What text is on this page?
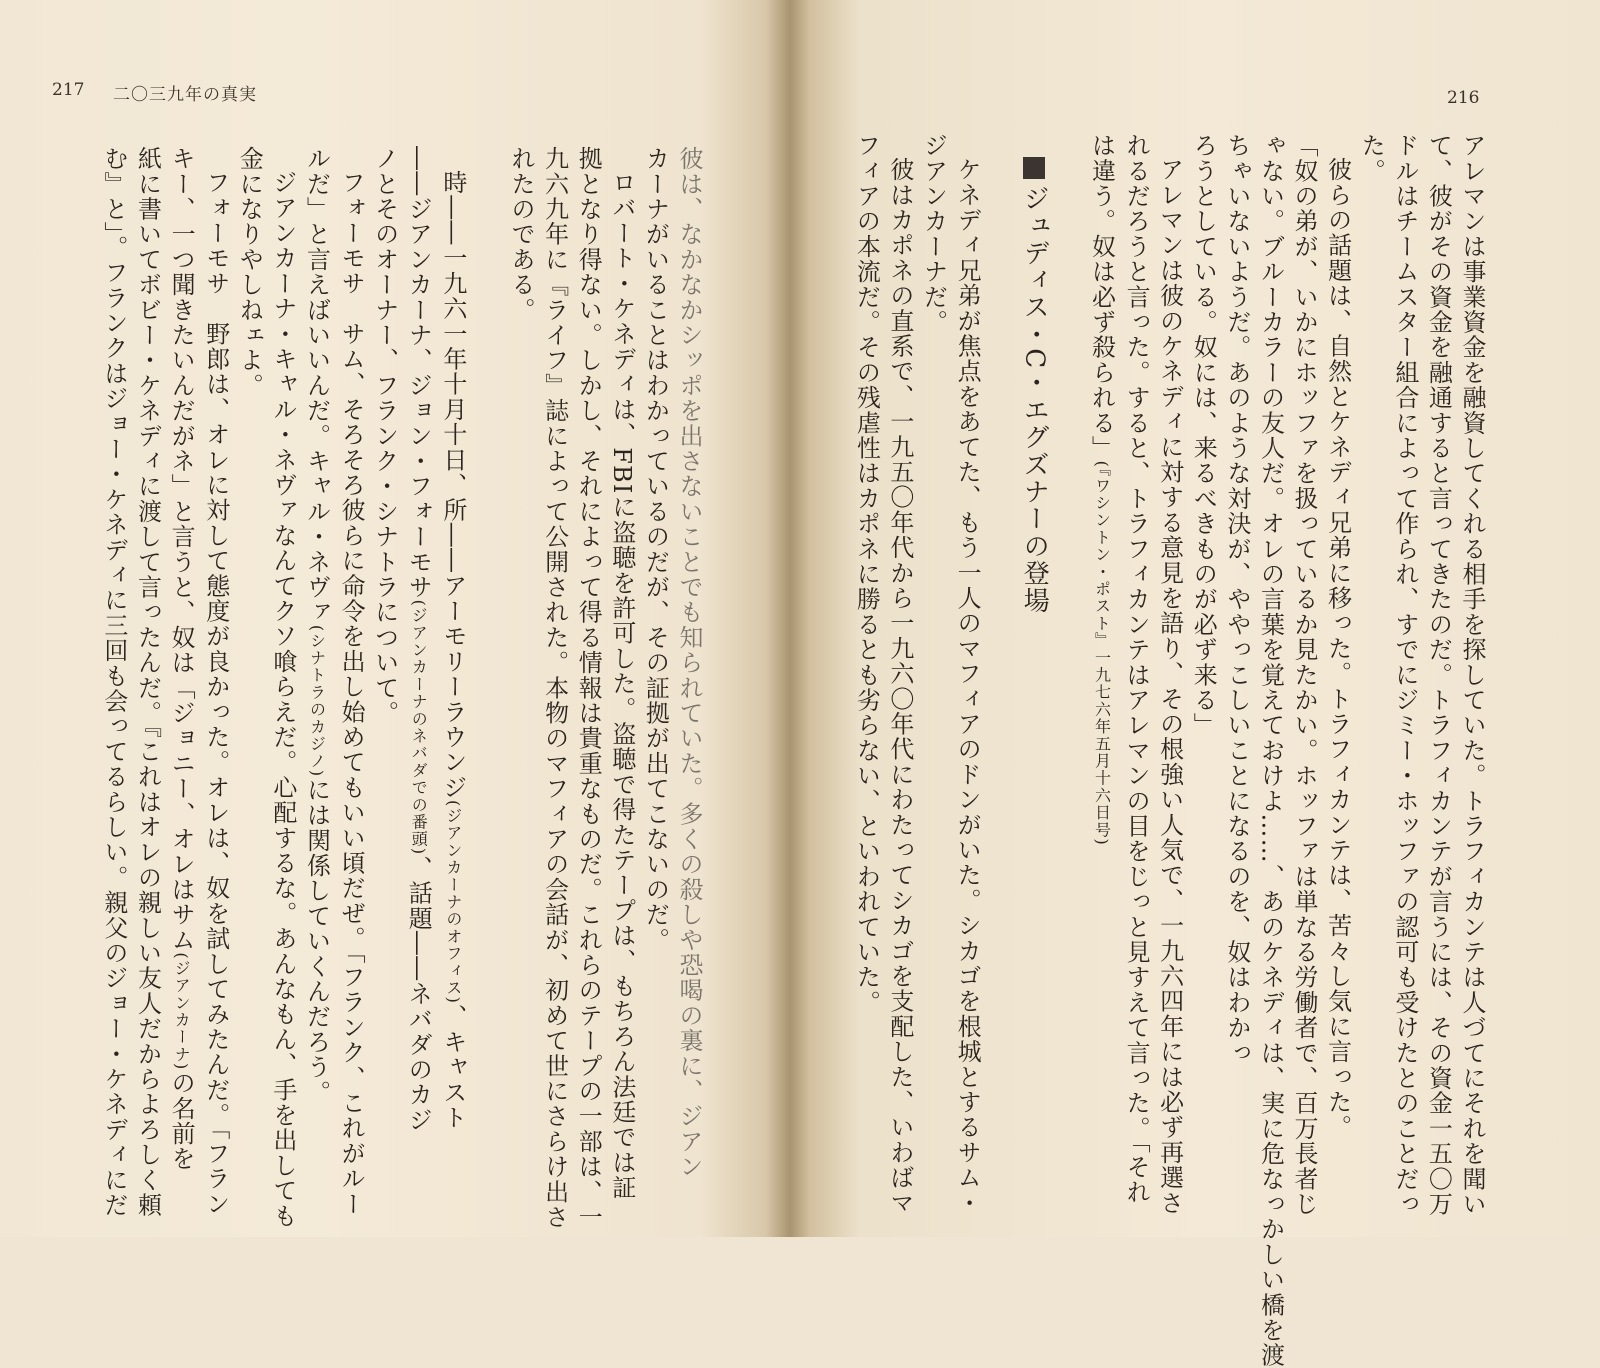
217 二〇三九年の真実
彼は、なかなかシッポを出さないことでも知られていた。多くの殺しや恐喝の裏に、ジアン
カーナがいることはわかっているのだが、その証拠が出てこないのだ。
ロバート・ケネディは、FBIに盗聴を許可した。盗聴で得たテープは、もちろん法廷では証
拠となり得ない。しかし、それによって得る情報は貴重なものだ。これらのテープの一部は、一
九六九年に『ライフ』誌によって公開された。本物のマフィアの会話が、初めて世にさらけ出さ
れたのである。

時――一九六一年十月十日、所――アーモリーラウンジ(ジアンカーナのオフィス)、キャスト
――ジアンカーナ、ジョン・フォーモサ(ジアンカーナのネバダでの番頭)、話題――ネバダのカジ
ノとそのオーナー、フランク・シナトラについて。
フォーモサ　サム、そろそろ彼らに命令を出し始めてもいい頃だぜ。「フランク、これがルー
ルだ」と言えばいいんだ。キャル・ネヴァ(シナトラのカジノ)には関係していくんだろう。
ジアンカーナ・キャル・ネヴァなんてクソ喰らえだ。心配するな。あんなもん、手を出しても
金になりやしねェよ。
フォーモサ　野郎は、オレに対して態度が良かった。オレは、奴を試してみたんだ。「フラン
キー、一つ聞きたいんだがネ」と言うと、奴は「ジョニー、オレはサム(ジアンカーナ)の名前を
紙に書いてボビー・ケネディに渡して言ったんだ。『これはオレの親しい友人だからよろしく頼
む』と」。フランクはジョー・ケネディに三回も会ってるらしい。親父のジョー・ケネディにだ
216
アレマンは事業資金を融資してくれる相手を探していた。トラフィカンテは人づてにそれを聞い
て、彼がその資金を融通すると言ってきたのだ。トラフィカンテが言うには、その資金一五〇万
ドルはチームスター組合によって作られ、すでにジミー・ホッファの認可も受けたとのことだっ
た。
彼らの話題は、自然とケネディ兄弟に移った。トラフィカンテは、苦々し気に言った。
「奴の弟が、いかにホッファを扱っているか見たかい。ホッファは単なる労働者で、百万長者じ
ゃない。ブルーカラーの友人だ。オレの言葉を覚えておけよ……、あのケネディは、実に危なっかしい橋を渡
ちゃいないようだ。あのような対決が、ややっこしいことになるのを、奴はわかっ
ろうとしている。奴には、来るべきものが必ず来る」
アレマンは彼のケネディに対する意見を語り、その根強い人気で、一九六四年には必ず再選さ
れるだろうと言った。すると、トラフィカンテはアレマンの目をじっと見すえて言った。「それ
は違う。奴は必ず殺られる」(『ワシントン・ポスト』一九七六年五月十六日号)

ジュディス・C・エグズナーの登場

ケネディ兄弟が焦点をあてた、もう一人のマフィアのドンがいた。シカゴを根城とするサム・
ジアンカーナだ。
彼はカポネの直系で、一九五〇年代から一九六〇年代にわたってシカゴを支配した、いわばマ
フィアの本流だ。その残虐性はカポネに勝るとも劣らない、といわれていた。
